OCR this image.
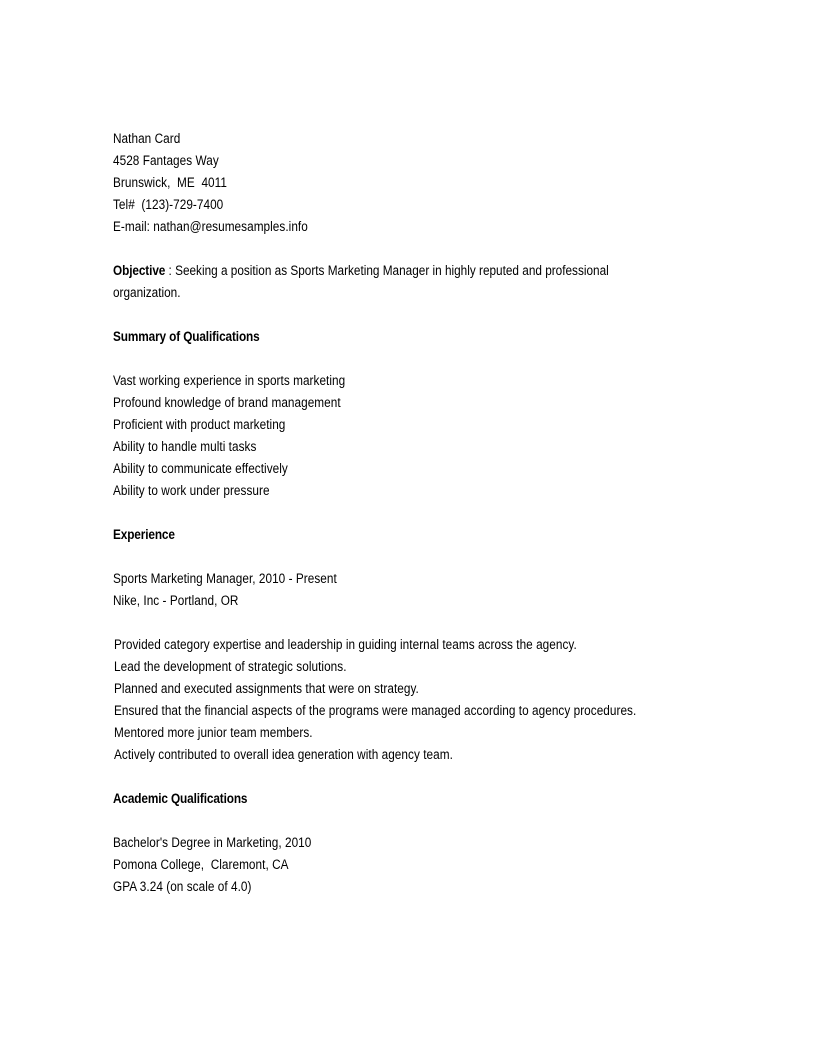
Nathan Card
4528 Fantages Way
Brunswick,  ME  4011
Tel#  (123)-729-7400
E-mail: nathan@resumesamples.info
Objective : Seeking a position as Sports Marketing Manager in highly reputed and professional
organization.
Summary of Qualifications
Vast working experience in sports marketing
Profound knowledge of brand management
Proficient with product marketing
Ability to handle multi tasks
Ability to communicate effectively
Ability to work under pressure
Experience
Sports Marketing Manager, 2010 - Present
Nike, Inc - Portland, OR
Provided category expertise and leadership in guiding internal teams across the agency.
Lead the development of strategic solutions.
Planned and executed assignments that were on strategy.
Ensured that the financial aspects of the programs were managed according to agency procedures.
Mentored more junior team members.
Actively contributed to overall idea generation with agency team.
Academic Qualifications
Bachelor's Degree in Marketing, 2010
Pomona College,  Claremont, CA
GPA 3.24 (on scale of 4.0)
